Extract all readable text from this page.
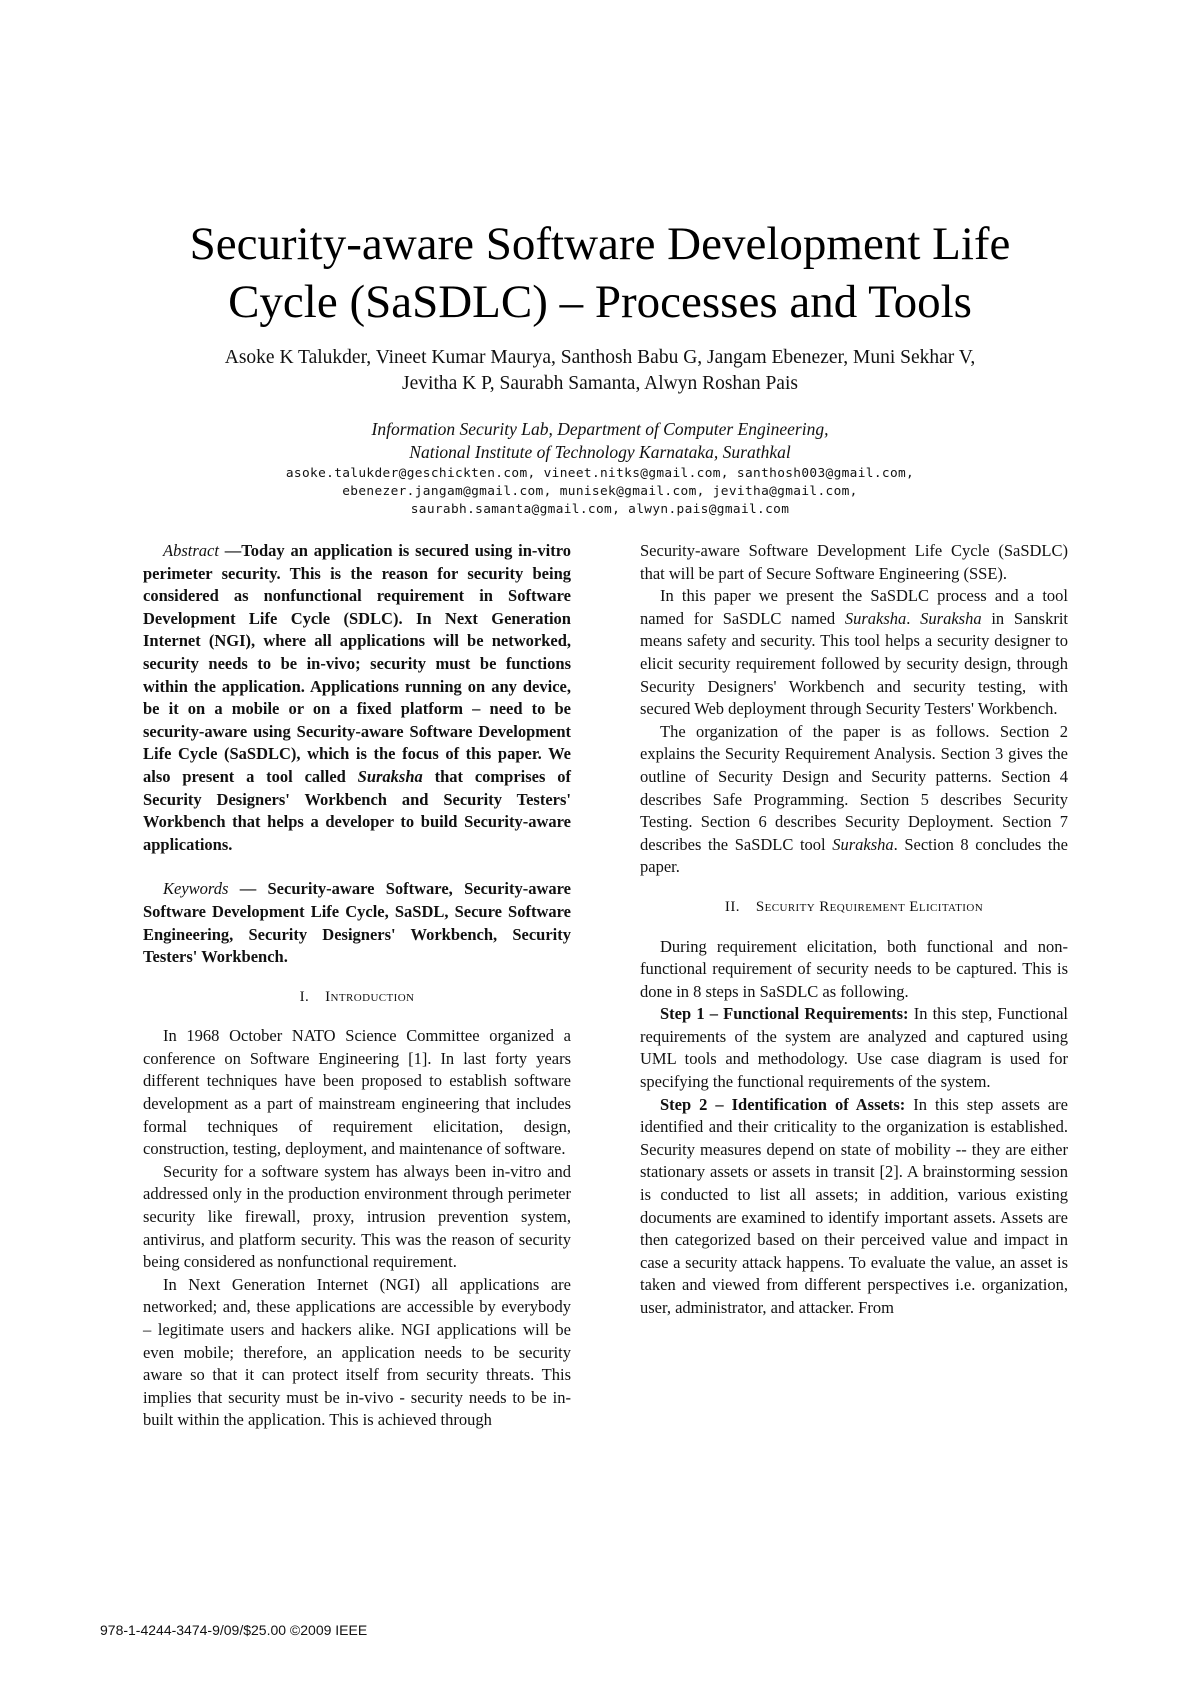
Security-aware Software Development Life
Cycle (SaSDLC) – Processes and Tools
Asoke K Talukder, Vineet Kumar Maurya, Santhosh Babu G, Jangam Ebenezer, Muni Sekhar V,
Jevitha K P, Saurabh Samanta, Alwyn Roshan Pais
Information Security Lab, Department of Computer Engineering,
National Institute of Technology Karnataka, Surathkal
asoke.talukder@geschickten.com, vineet.nitks@gmail.com, santhosh003@gmail.com,
ebenezer.jangam@gmail.com, munisek@gmail.com, jevitha@gmail.com,
saurabh.samanta@gmail.com, alwyn.pais@gmail.com

Abstract —Today an application is secured using in-vitro perimeter security. This is the reason for security being considered as nonfunctional requirement in Software Development Life Cycle (SDLC). In Next Generation Internet (NGI), where all applications will be networked, security needs to be in-vivo; security must be functions within the application. Applications running on any device, be it on a mobile or on a fixed platform – need to be security-aware using Security-aware Software Development Life Cycle (SaSDLC), which is the focus of this paper. We also present a tool called Suraksha that comprises of Security Designers' Workbench and Security Testers' Workbench that helps a developer to build Security-aware applications.

Keywords — Security-aware Software, Security-aware Software Development Life Cycle, SaSDL, Secure Software Engineering, Security Designers' Workbench, Security Testers' Workbench.

I. Introduction

In 1968 October NATO Science Committee organized a conference on Software Engineering [1]. In last forty years different techniques have been proposed to establish software development as a part of mainstream engineering that includes formal techniques of requirement elicitation, design, construction, testing, deployment, and maintenance of software.

Security for a software system has always been in-vitro and addressed only in the production environment through perimeter security like firewall, proxy, intrusion prevention system, antivirus, and platform security. This was the reason of security being considered as nonfunctional requirement.

In Next Generation Internet (NGI) all applications are networked; and, these applications are accessible by everybody – legitimate users and hackers alike. NGI applications will be even mobile; therefore, an application needs to be security aware so that it can protect itself from security threats. This implies that security must be in-vivo - security needs to be in-built within the application. This is achieved through

Security-aware Software Development Life Cycle (SaSDLC) that will be part of Secure Software Engineering (SSE).

In this paper we present the SaSDLC process and a tool named for SaSDLC named Suraksha. Suraksha in Sanskrit means safety and security. This tool helps a security designer to elicit security requirement followed by security design, through Security Designers' Workbench and security testing, with secured Web deployment through Security Testers' Workbench.

The organization of the paper is as follows. Section 2 explains the Security Requirement Analysis. Section 3 gives the outline of Security Design and Security patterns. Section 4 describes Safe Programming. Section 5 describes Security Testing. Section 6 describes Security Deployment. Section 7 describes the SaSDLC tool Suraksha. Section 8 concludes the paper.

II. Security Requirement Elicitation

During requirement elicitation, both functional and non-functional requirement of security needs to be captured. This is done in 8 steps in SaSDLC as following.

Step 1 – Functional Requirements: In this step, Functional requirements of the system are analyzed and captured using UML tools and methodology. Use case diagram is used for specifying the functional requirements of the system.

Step 2 – Identification of Assets: In this step assets are identified and their criticality to the organization is established. Security measures depend on state of mobility -- they are either stationary assets or assets in transit [2]. A brainstorming session is conducted to list all assets; in addition, various existing documents are examined to identify important assets. Assets are then categorized based on their perceived value and impact in case a security attack happens. To evaluate the value, an asset is taken and viewed from different perspectives i.e. organization, user, administrator, and attacker. From

978-1-4244-3474-9/09/$25.00 ©2009 IEEE
